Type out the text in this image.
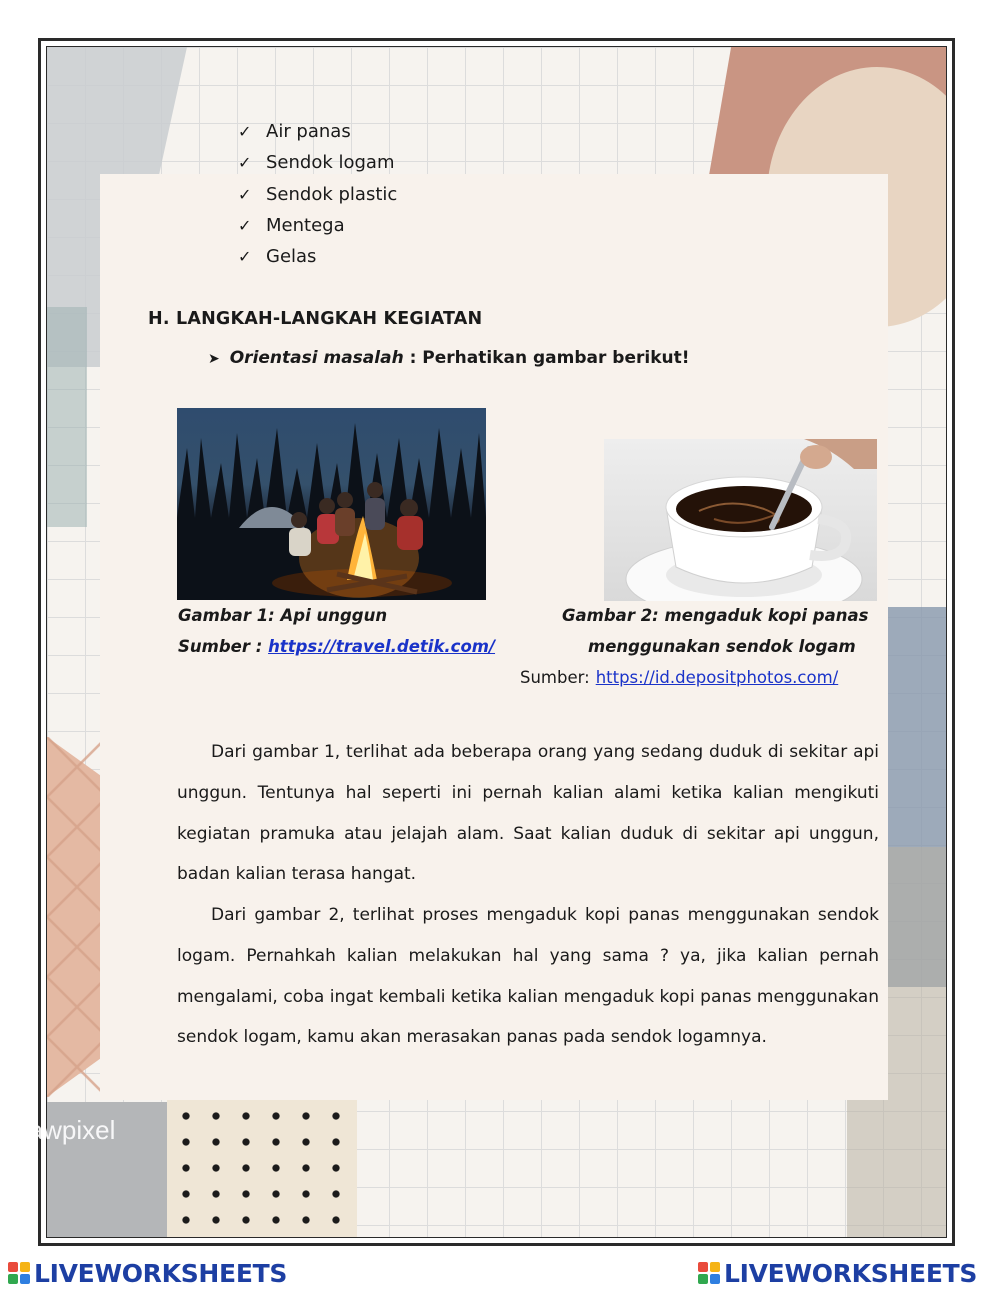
rawpixel
✓ Air panas
✓ Sendok logam
✓ Sendok plastic
✓ Mentega
✓ Gelas
H. LANGKAH-LANGKAH KEGIATAN
➤ Orientasi masalah : Perhatikan gambar berikut!
Gambar 1: Api unggun
Sumber : https://travel.detik.com/
Gambar 2: mengaduk kopi panas
menggunakan sendok logam
Sumber: https://id.depositphotos.com/

Dari gambar 1, terlihat ada beberapa orang yang sedang duduk di sekitar api unggun. Tentunya hal seperti ini pernah kalian alami ketika kalian mengikuti kegiatan pramuka atau jelajah alam. Saat kalian duduk di sekitar api unggun, badan kalian terasa hangat.

Dari gambar 2, terlihat proses mengaduk kopi panas menggunakan sendok logam. Pernahkah kalian melakukan hal yang sama ? ya, jika kalian pernah mengalami, coba ingat kembali ketika kalian mengaduk kopi panas menggunakan sendok logam, kamu akan merasakan panas pada sendok logamnya.

LIVEWORKSHEETS	LIVEWORKSHEETS
